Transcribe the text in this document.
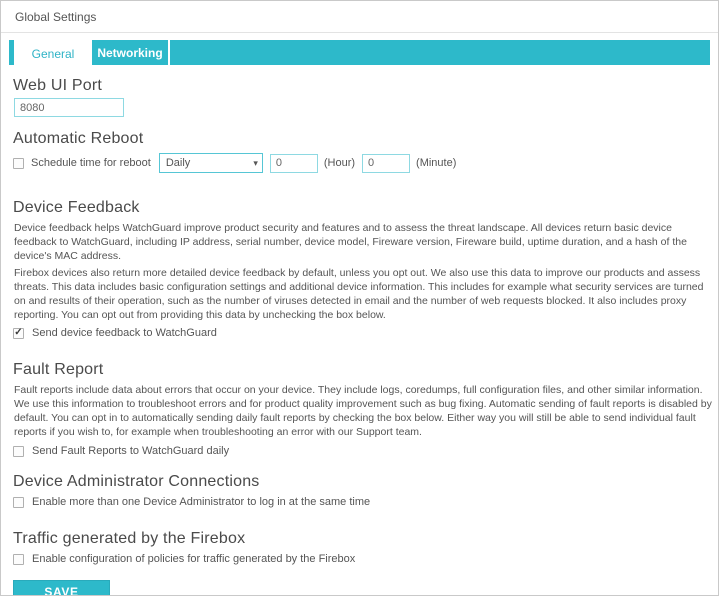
Global Settings
General Networking
Web UI Port
8080
Automatic Reboot
Schedule time for reboot Daily	▾
0	(Hour)
0	(Minute)
Device Feedback

Device feedback helps WatchGuard improve product security and features and to assess the threat landscape. All devices return basic device feedback to WatchGuard, including IP address, serial number, device model, Fireware version, Fireware build, uptime duration, and a hash of the device's MAC address.

Firebox devices also return more detailed device feedback by default, unless you opt out. We also use this data to improve our products and assess threats. This data includes basic configuration settings and additional device information. This includes for example what security services are turned on and results of their operation, such as the number of viruses detected in email and the number of web requests blocked. It also includes proxy reporting. You can opt out from providing this data by unchecking the box below.

✓ Send device feedback to WatchGuard
Fault Report

Fault reports include data about errors that occur on your device. They include logs, coredumps, full configuration files, and other similar information. We use this information to troubleshoot errors and for product quality improvement such as bug fixing. Automatic sending of fault reports is disabled by default. You can opt in to automatically sending daily fault reports by checking the box below. Either way you will still be able to send individual fault reports if you wish to, for example when troubleshooting an error with our Support team.

Send Fault Reports to WatchGuard daily
Device Administrator Connections
Enable more than one Device Administrator to log in at the same time
Traffic generated by the Firebox
Enable configuration of policies for traffic generated by the Firebox
SAVE
